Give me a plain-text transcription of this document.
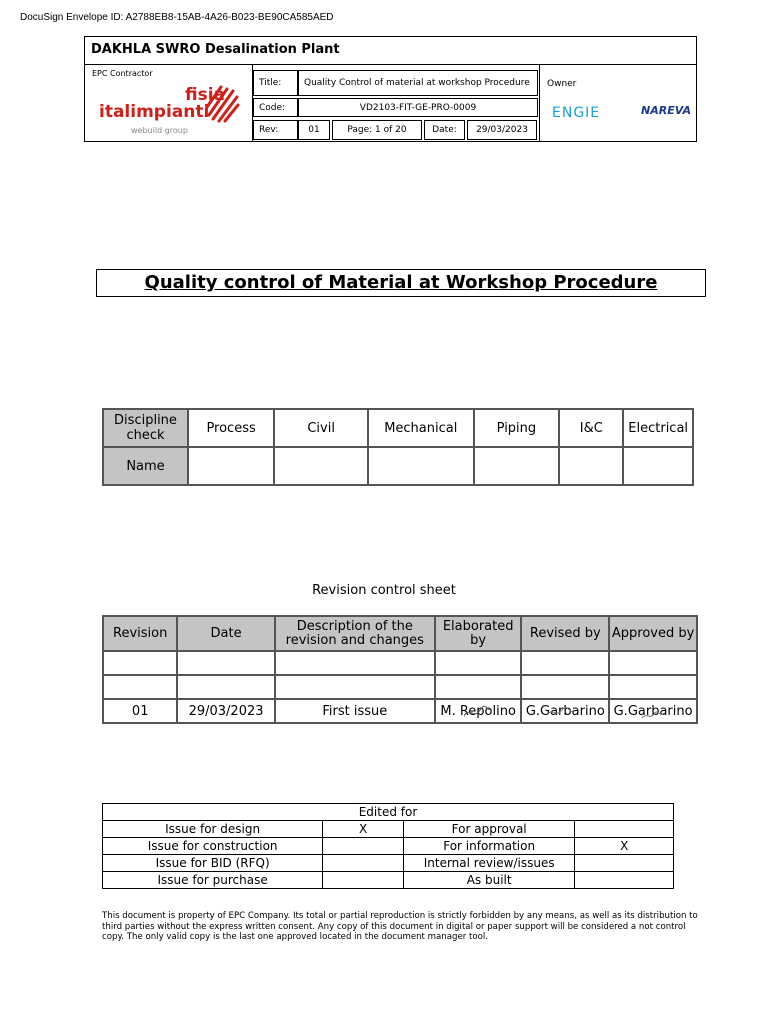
DocuSign Envelope ID: A2788EB8-15AB-4A26-B023-BE90CA585AED
DAKHLA SWRO Desalination Plant
EPC Contractor
fisia
italimpianti
webuild group
Title:	Quality Control of material at workshop Procedure
Code:	VD2103-FIT-GE-PRO-0009
Rev:	01	Page: 1 of 20	Date:	29/03/2023
Owner
ENGIE	NAREVA
Quality control of Material at Workshop Procedure
Discipline check	Process	Civil	Mechanical	Piping	I&C	Electrical
Name						
Revision control sheet
Revision	Date	Description of the revision and changes	Elaborated by	Revised by	Approved by

01	29/03/2023	First issue	M. Repolino	G.Garbarino	G.Garbarino
Edited for			
Issue for design	X	For approval	
Issue for construction		For information	X
Issue for BID (RFQ)		Internal review/issues	
Issue for purchase		As built	
This document is property of EPC Company. Its total or partial reproduction is strictly forbidden by any means, as well as its distribution to third parties without the express written consent. Any copy of this document in digital or paper support will be considered a not control copy. The only valid copy is the last one approved located in the document manager tool.
